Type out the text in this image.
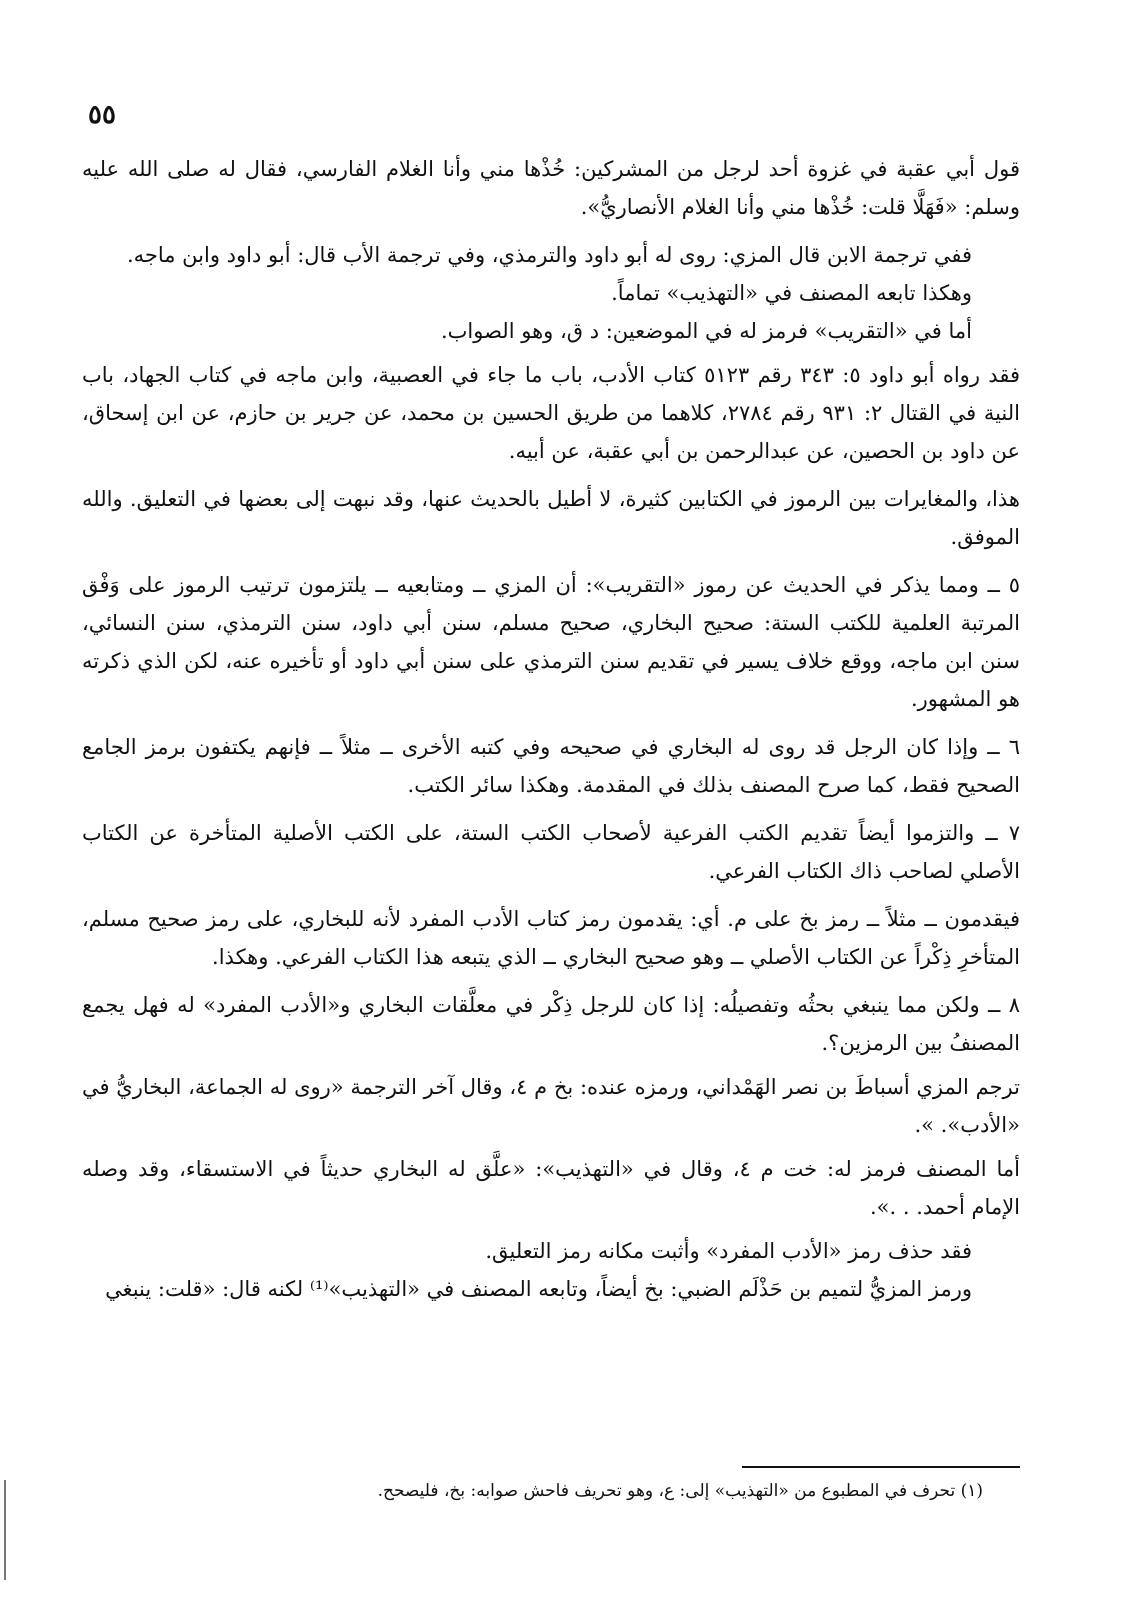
٥٥

قول أبي عقبة في غزوة أحد لرجل من المشركين: خُذْها مني وأنا الغلام الفارسي، فقال له صلى الله عليه وسلم: «فَهَلَّا قلت: خُذْها مني وأنا الغلام الأنصاريُّ».

ففي ترجمة الابن قال المزي: روى له أبو داود والترمذي، وفي ترجمة الأب قال: أبو داود وابن ماجه.

وهكذا تابعه المصنف في «التهذيب» تماماً.

أما في «التقريب» فرمز له في الموضعين: د ق، وهو الصواب.

فقد رواه أبو داود ٥: ٣٤٣ رقم ٥١٢٣ كتاب الأدب، باب ما جاء في العصبية، وابن ماجه في كتاب الجهاد، باب النية في القتال ٢: ٩٣١ رقم ٢٧٨٤، كلاهما من طريق الحسين بن محمد، عن جرير بن حازم، عن ابن إسحاق، عن داود بن الحصين، عن عبدالرحمن بن أبي عقبة، عن أبيه.

هذا، والمغايرات بين الرموز في الكتابين كثيرة، لا أطيل بالحديث عنها، وقد نبهت إلى بعضها في التعليق. والله الموفق.

٥ ــ ومما يذكر في الحديث عن رموز «التقريب»: أن المزي ــ ومتابعيه ــ يلتزمون ترتيب الرموز على وَفْق المرتبة العلمية للكتب الستة: صحيح البخاري، صحيح مسلم، سنن أبي داود، سنن الترمذي، سنن النسائي، سنن ابن ماجه، ووقع خلاف يسير في تقديم سنن الترمذي على سنن أبي داود أو تأخيره عنه، لكن الذي ذكرته هو المشهور.

٦ ــ وإذا كان الرجل قد روى له البخاري في صحيحه وفي كتبه الأخرى ــ مثلاً ــ فإنهم يكتفون برمز الجامع الصحيح فقط، كما صرح المصنف بذلك في المقدمة. وهكذا سائر الكتب.

٧ ــ والتزموا أيضاً تقديم الكتب الفرعية لأصحاب الكتب الستة، على الكتب الأصلية المتأخرة عن الكتاب الأصلي لصاحب ذاك الكتاب الفرعي.

فيقدمون ــ مثلاً ــ رمز بخ على م. أي: يقدمون رمز كتاب الأدب المفرد لأنه للبخاري، على رمز صحيح مسلم، المتأخرِ ذِكْراً عن الكتاب الأصلي ــ وهو صحيح البخاري ــ الذي يتبعه هذا الكتاب الفرعي. وهكذا.

٨ ــ ولكن مما ينبغي بحثُه وتفصيلُه: إذا كان للرجل ذِكْر في معلَّقات البخاري و«الأدب المفرد» له فهل يجمع المصنفُ بين الرمزين؟.

ترجم المزي أسباطَ بن نصر الهَمْداني، ورمزه عنده: بخ م ٤، وقال آخر الترجمة «روى له الجماعة، البخاريُّ في «الأدب». ».

أما المصنف فرمز له: خت م ٤، وقال في «التهذيب»: «علَّق له البخاري حديثاً في الاستسقاء، وقد وصله الإمام أحمد. . .».

فقد حذف رمز «الأدب المفرد» وأثبت مكانه رمز التعليق.

ورمز المزيُّ لتميم بن حَذْلَم الضبي: بخ أيضاً، وتابعه المصنف في «التهذيب»⁽¹⁾ لكنه قال: «قلت: ينبغي

(١) تحرف في المطبوع من «التهذيب» إلى: ع، وهو تحريف فاحش صوابه: بخ، فليصحح.
